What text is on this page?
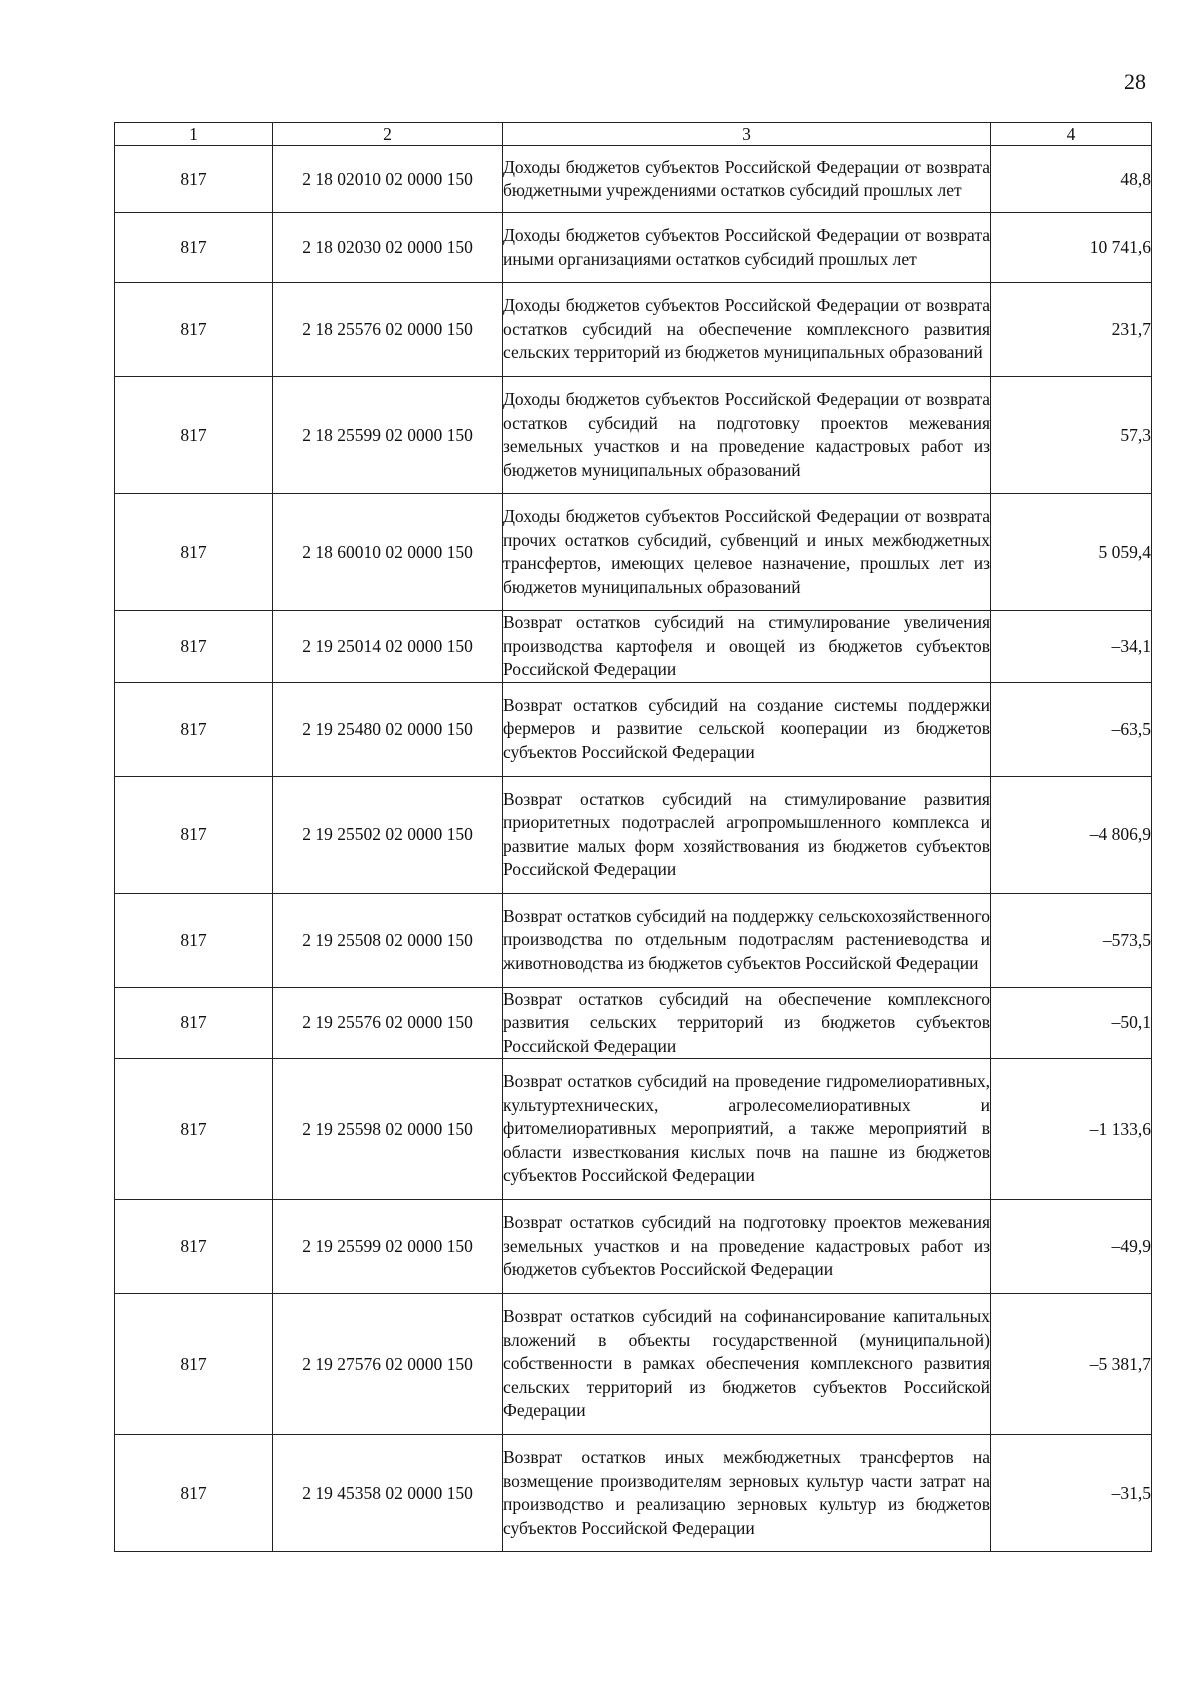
28
1	2	3	4
817	2 18 02010 02 0000 150	Доходы бюджетов субъектов Российской Федерации от возврата бюджетными учреждениями остатков субсидий прошлых лет	48,8
817	2 18 02030 02 0000 150	Доходы бюджетов субъектов Российской Федерации от возврата иными организациями остатков субсидий прошлых лет	10 741,6
817	2 18 25576 02 0000 150	Доходы бюджетов субъектов Российской Федерации от возврата остатков субсидий на обеспечение комплексного развития сельских территорий из бюджетов муниципальных образований	231,7
817	2 18 25599 02 0000 150	Доходы бюджетов субъектов Российской Федерации от возврата остатков субсидий на подготовку проектов межевания земельных участков и на проведение кадастровых работ из бюджетов муниципальных образований	57,3
817	2 18 60010 02 0000 150	Доходы бюджетов субъектов Российской Федерации от возврата прочих остатков субсидий, субвенций и иных межбюджетных трансфертов, имеющих целевое назначение, прошлых лет из бюджетов муниципальных образований	5 059,4
817	2 19 25014 02 0000 150	Возврат остатков субсидий на стимулирование увеличения производства картофеля и овощей из бюджетов субъектов Российской Федерации	–34,1
817	2 19 25480 02 0000 150	Возврат остатков субсидий на создание системы поддержки фермеров и развитие сельской кооперации из бюджетов субъектов Российской Федерации	–63,5
817	2 19 25502 02 0000 150	Возврат остатков субсидий на стимулирование развития приоритетных подотраслей агропромышленного комплекса и развитие малых форм хозяйствования из бюджетов субъектов Российской Федерации	–4 806,9
817	2 19 25508 02 0000 150	Возврат остатков субсидий на поддержку сельскохозяйственного производства по отдельным подотраслям растениеводства и животноводства из бюджетов субъектов Российской Федерации	–573,5
817	2 19 25576 02 0000 150	Возврат остатков субсидий на обеспечение комплексного развития сельских территорий из бюджетов субъектов Российской Федерации	–50,1
817	2 19 25598 02 0000 150	Возврат остатков субсидий на проведение гидромелиоративных, культуртехнических, агролесомелиоративных и фитомелиоративных мероприятий, а также мероприятий в области известкования кислых почв на пашне из бюджетов субъектов Российской Федерации	–1 133,6
817	2 19 25599 02 0000 150	Возврат остатков субсидий на подготовку проектов межевания земельных участков и на проведение кадастровых работ из бюджетов субъектов Российской Федерации	–49,9
817	2 19 27576 02 0000 150	Возврат остатков субсидий на софинансирование капитальных вложений в объекты государственной (муниципальной) собственности в рамках обеспечения комплексного развития сельских территорий из бюджетов субъектов Российской Федерации	–5 381,7
817	2 19 45358 02 0000 150	Возврат остатков иных межбюджетных трансфертов на возмещение производителям зерновых культур части затрат на производство и реализацию зерновых культур из бюджетов субъектов Российской Федерации	–31,5
